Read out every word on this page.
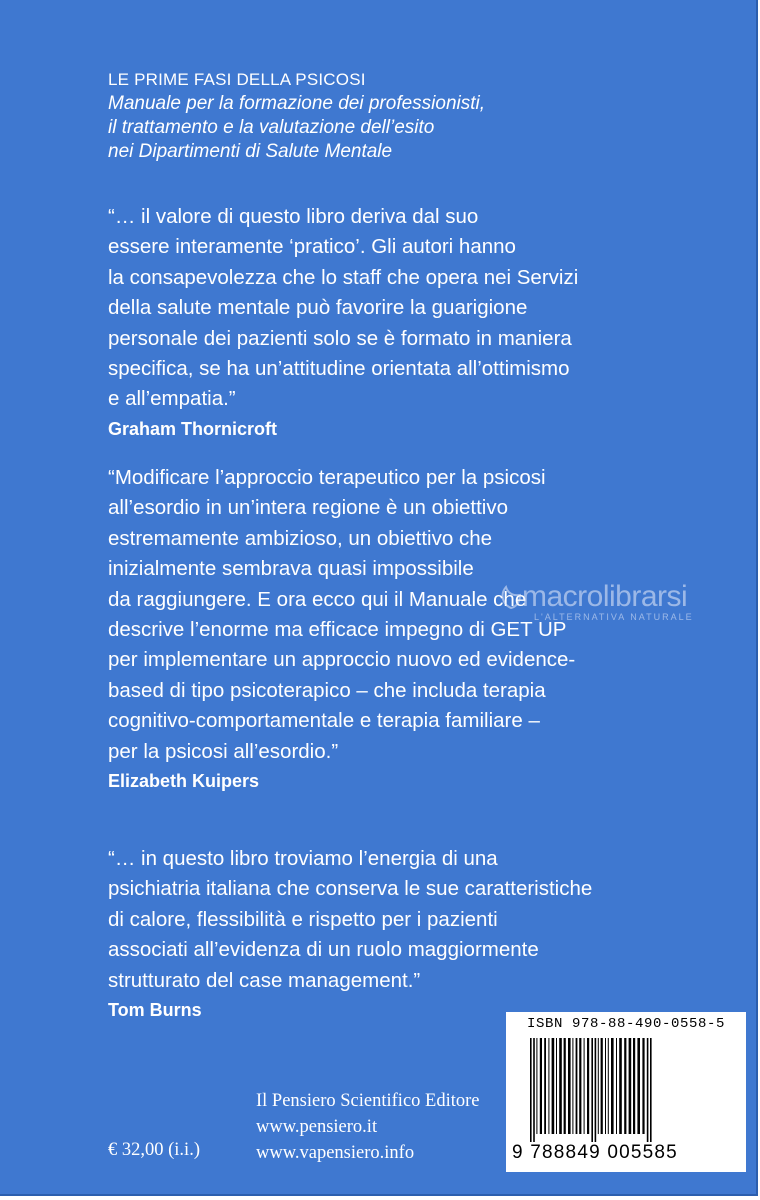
LE PRIME FASI DELLA PSICOSI
Manuale per la formazione dei professionisti,
il trattamento e la valutazione dell’esito
nei Dipartimenti di Salute Mentale
“… il valore di questo libro deriva dal suo
essere interamente ‘pratico’. Gli autori hanno
la consapevolezza che lo staff che opera nei Servizi
della salute mentale può favorire la guarigione
personale dei pazienti solo se è formato in maniera
specifica, se ha un’attitudine orientata all’ottimismo
e all’empatia.”
Graham Thornicroft
“Modificare l’approccio terapeutico per la psicosi
all’esordio in un’intera regione è un obiettivo
estremamente ambizioso, un obiettivo che
inizialmente sembrava quasi impossibile
da raggiungere. E ora ecco qui il Manuale che
descrive l’enorme ma efficace impegno di GET UP
per implementare un approccio nuovo ed evidence-
based di tipo psicoterapico – che includa terapia
cognitivo-comportamentale e terapia familiare –
per la psicosi all’esordio.”
Elizabeth Kuipers
“… in questo libro troviamo l’energia di una
psichiatria italiana che conserva le sue caratteristiche
di calore, flessibilità e rispetto per i pazienti
associati all’evidenza di un ruolo maggiormente
strutturato del case management.”
Tom Burns
macrolibrarsi
L'ALTERNATIVA NATURALE
ISBN 978-88-490-0558-5
9 788849 005585
Il Pensiero Scientifico Editore
www.pensiero.it
www.vapensiero.info
€ 32,00 (i.i.)
